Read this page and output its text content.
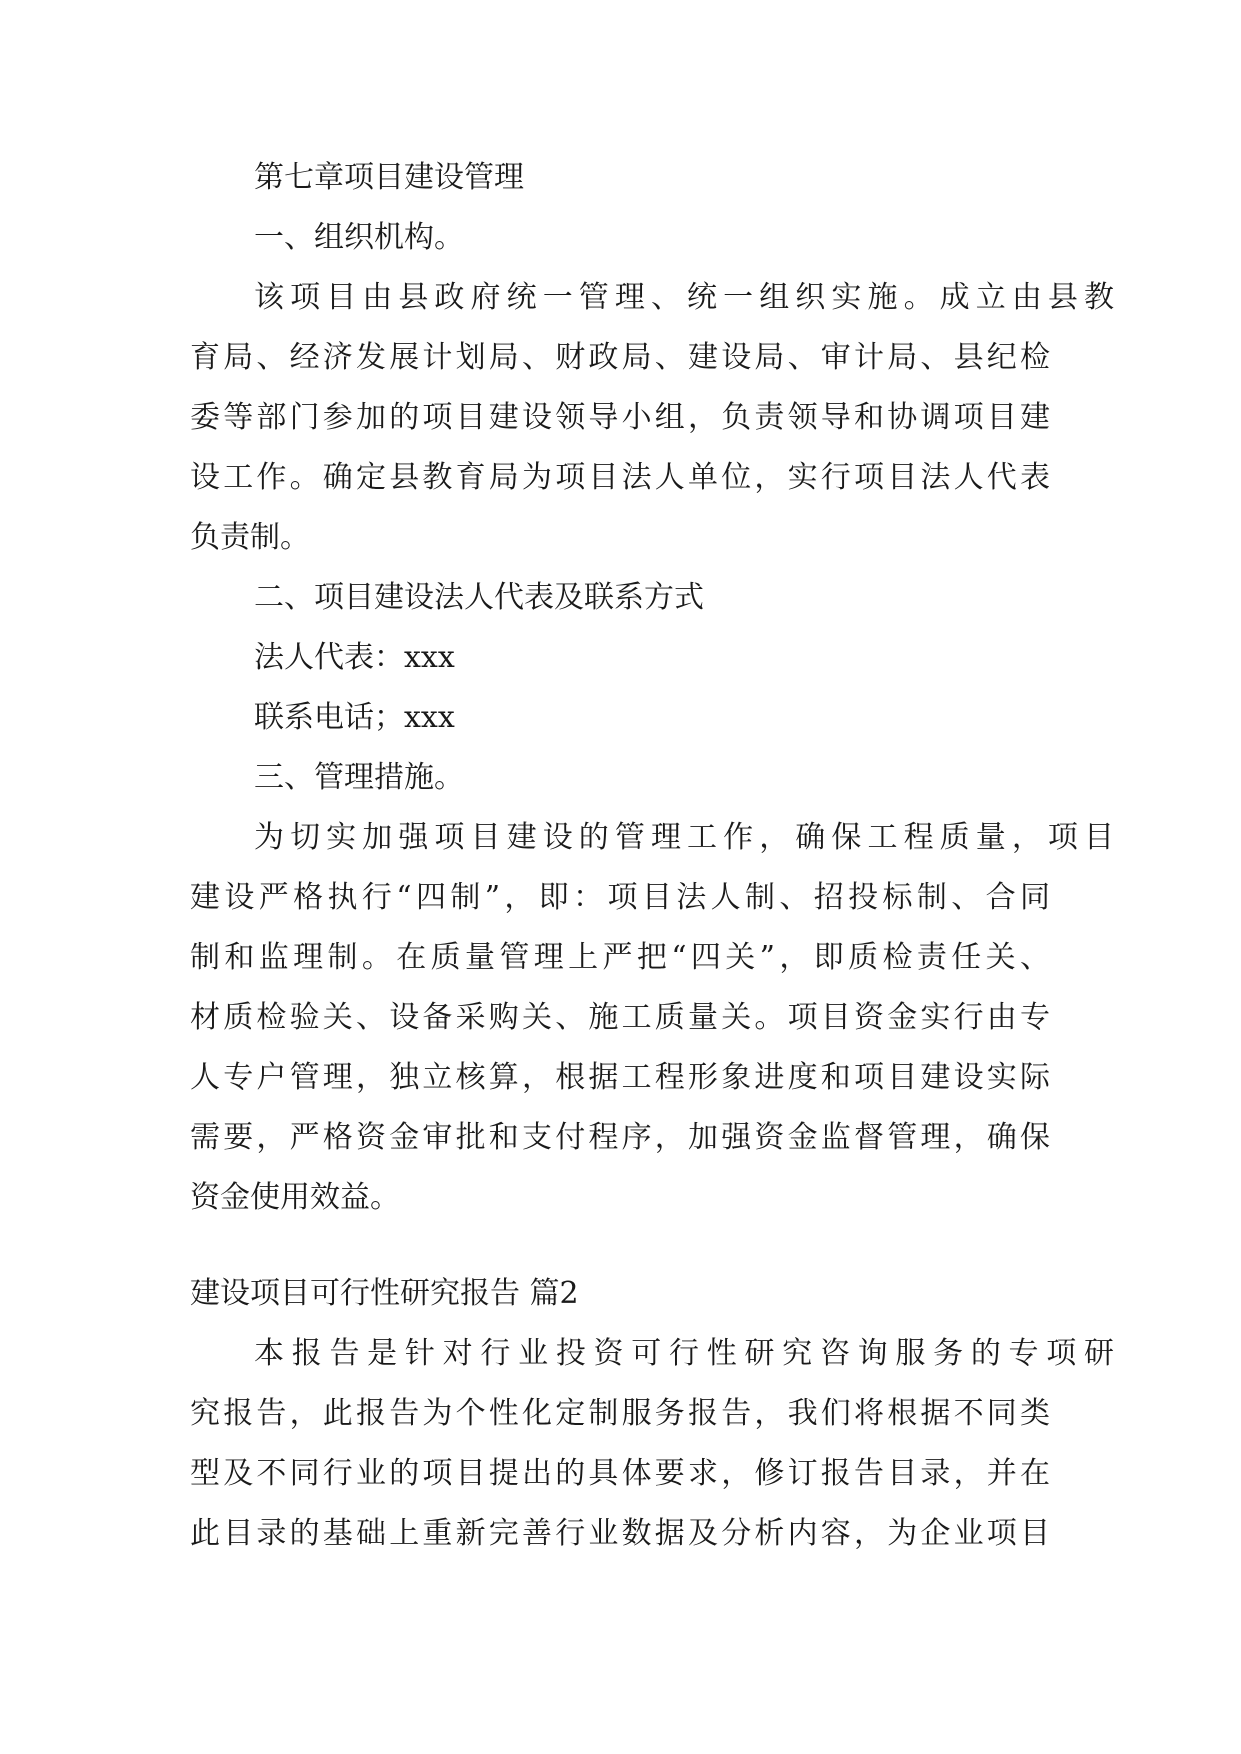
第七章项目建设管理
一、组织机构。
该项目由县政府统一管理、统一组织实施。成立由县教
育局、经济发展计划局、财政局、建设局、审计局、县纪检
委等部门参加的项目建设领导小组，负责领导和协调项目建
设工作。确定县教育局为项目法人单位，实行项目法人代表
负责制。
二、项目建设法人代表及联系方式
法人代表：xxx
联系电话；xxx
三、管理措施。
为切实加强项目建设的管理工作，确保工程质量，项目
建设严格执行“四制”，即：项目法人制、招投标制、合同
制和监理制。在质量管理上严把“四关”，即质检责任关、
材质检验关、设备采购关、施工质量关。项目资金实行由专
人专户管理，独立核算，根据工程形象进度和项目建设实际
需要，严格资金审批和支付程序，加强资金监督管理，确保
资金使用效益。
建设项目可行性研究报告 篇2
本报告是针对行业投资可行性研究咨询服务的专项研
究报告，此报告为个性化定制服务报告，我们将根据不同类
型及不同行业的项目提出的具体要求，修订报告目录，并在
此目录的基础上重新完善行业数据及分析内容，为企业项目
